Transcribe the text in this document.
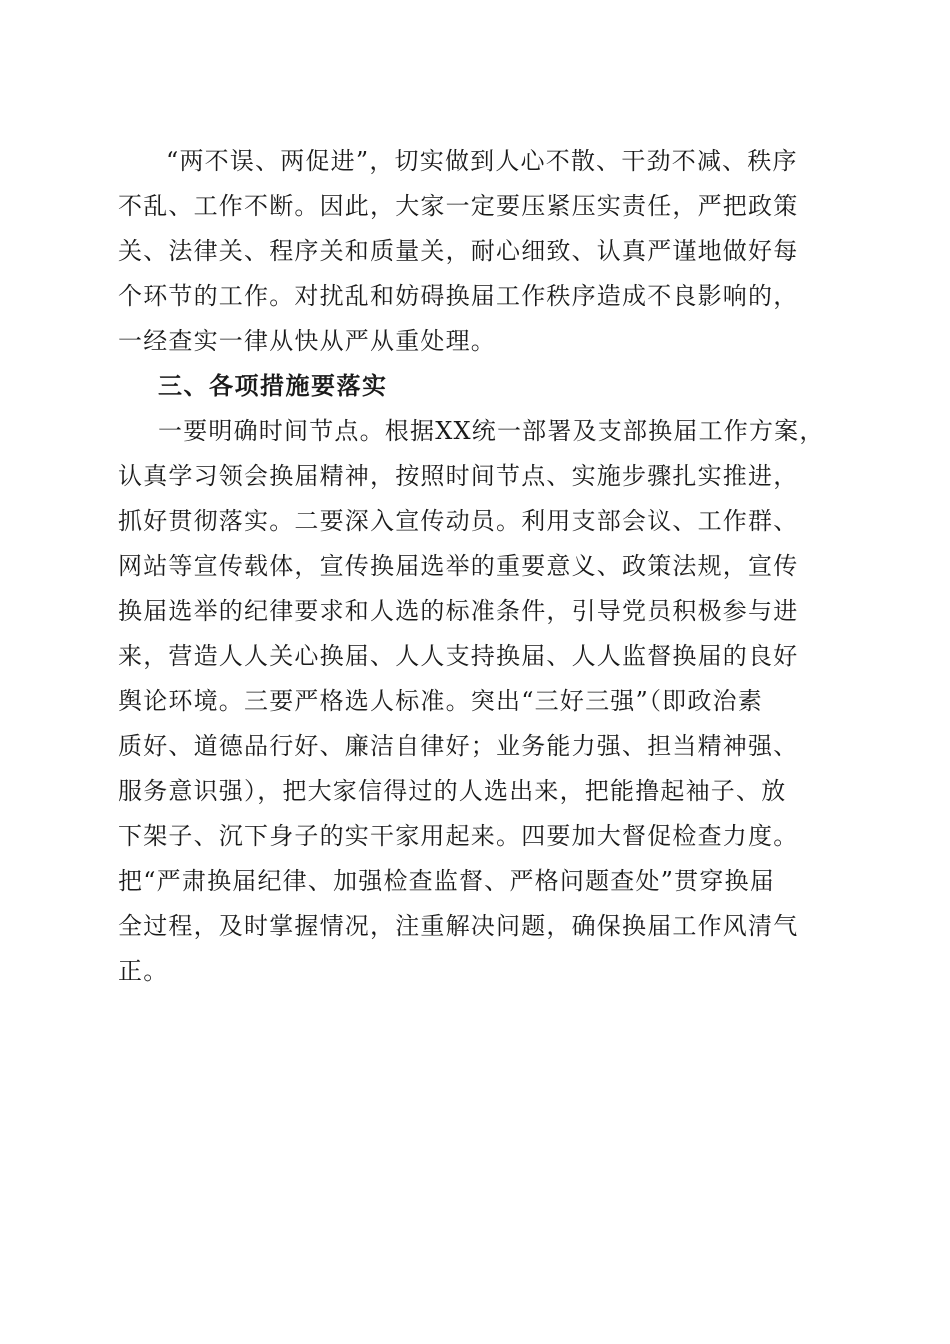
“两不误、两促进”，切实做到人心不散、干劲不减、秩序
不乱、工作不断。因此，大家一定要压紧压实责任，严把政策
关、法律关、程序关和质量关，耐心细致、认真严谨地做好每
个环节的工作。对扰乱和妨碍换届工作秩序造成不良影响的，
一经查实一律从快从严从重处理。
三、各项措施要落实
一要明确时间节点。根据XX统一部署及支部换届工作方案，
认真学习领会换届精神，按照时间节点、实施步骤扎实推进，
抓好贯彻落实。二要深入宣传动员。利用支部会议、工作群、
网站等宣传载体，宣传换届选举的重要意义、政策法规，宣传
换届选举的纪律要求和人选的标准条件，引导党员积极参与进
来，营造人人关心换届、人人支持换届、人人监督换届的良好
舆论环境。三要严格选人标准。突出“三好三强”（即政治素
质好、道德品行好、廉洁自律好；业务能力强、担当精神强、
服务意识强），把大家信得过的人选出来，把能撸起袖子、放
下架子、沉下身子的实干家用起来。四要加大督促检查力度。
把“严肃换届纪律、加强检查监督、严格问题查处”贯穿换届
全过程，及时掌握情况，注重解决问题，确保换届工作风清气
正。
